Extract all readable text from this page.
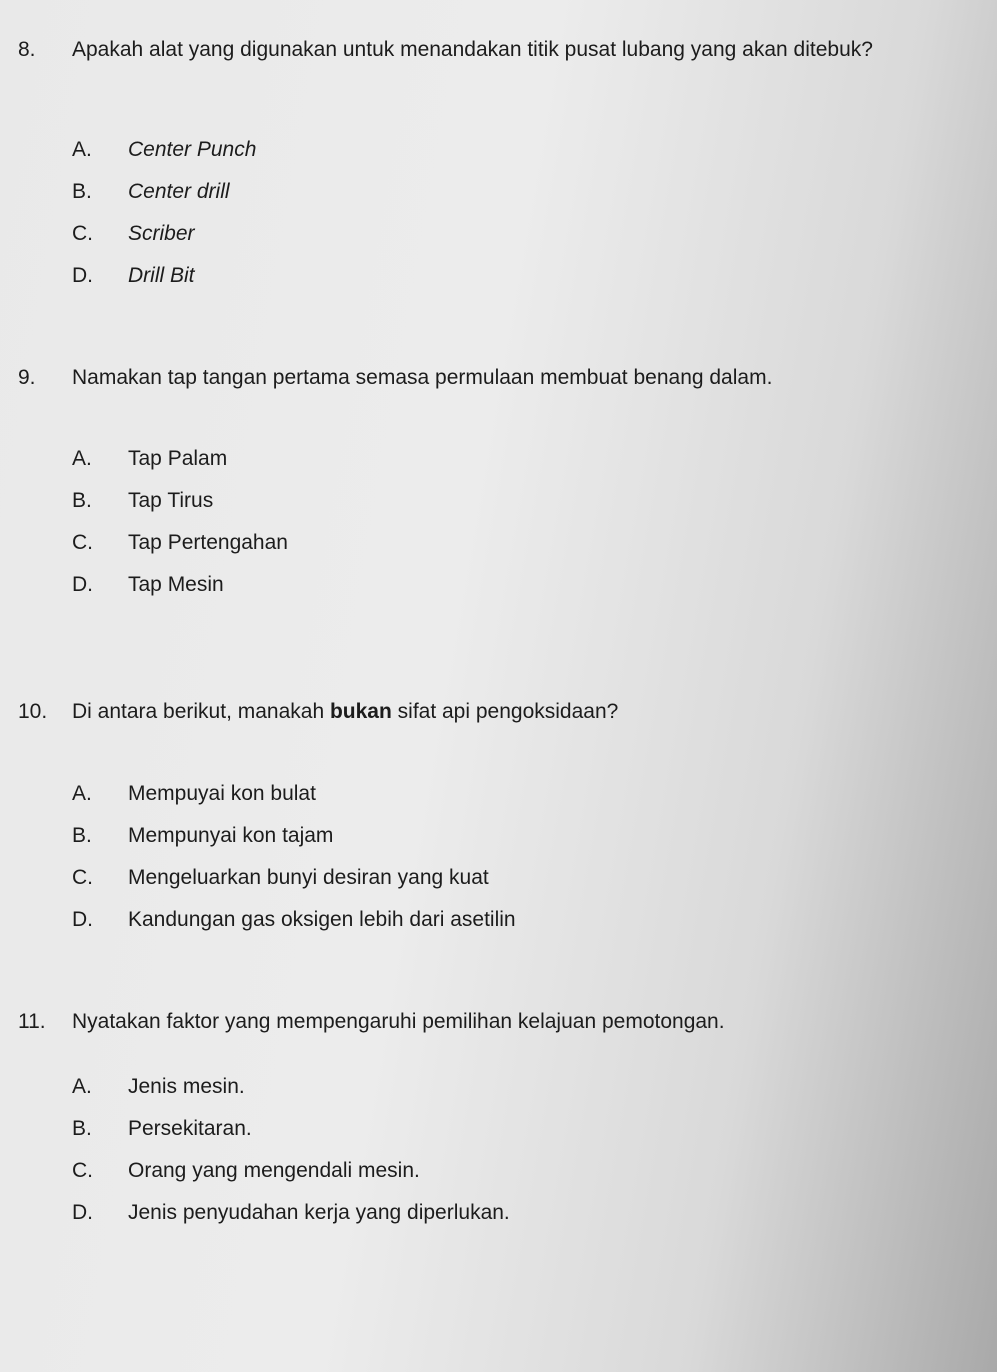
8.	Apakah alat yang digunakan untuk menandakan titik pusat lubang yang akan ditebuk?
A.	Center Punch
B.	Center drill
C.	Scriber
D.	Drill Bit
9.	Namakan tap tangan pertama semasa permulaan membuat benang dalam.
A.	Tap Palam
B.	Tap Tirus
C.	Tap Pertengahan
D.	Tap Mesin
10.	Di antara berikut, manakah bukan sifat api pengoksidaan?
A.	Mempuyai kon bulat
B.	Mempunyai kon tajam
C.	Mengeluarkan bunyi desiran yang kuat
D.	Kandungan gas oksigen lebih dari asetilin
11.	Nyatakan faktor yang mempengaruhi pemilihan kelajuan pemotongan.
A.	Jenis mesin.
B.	Persekitaran.
C.	Orang yang mengendali mesin.
D.	Jenis penyudahan kerja yang diperlukan.
